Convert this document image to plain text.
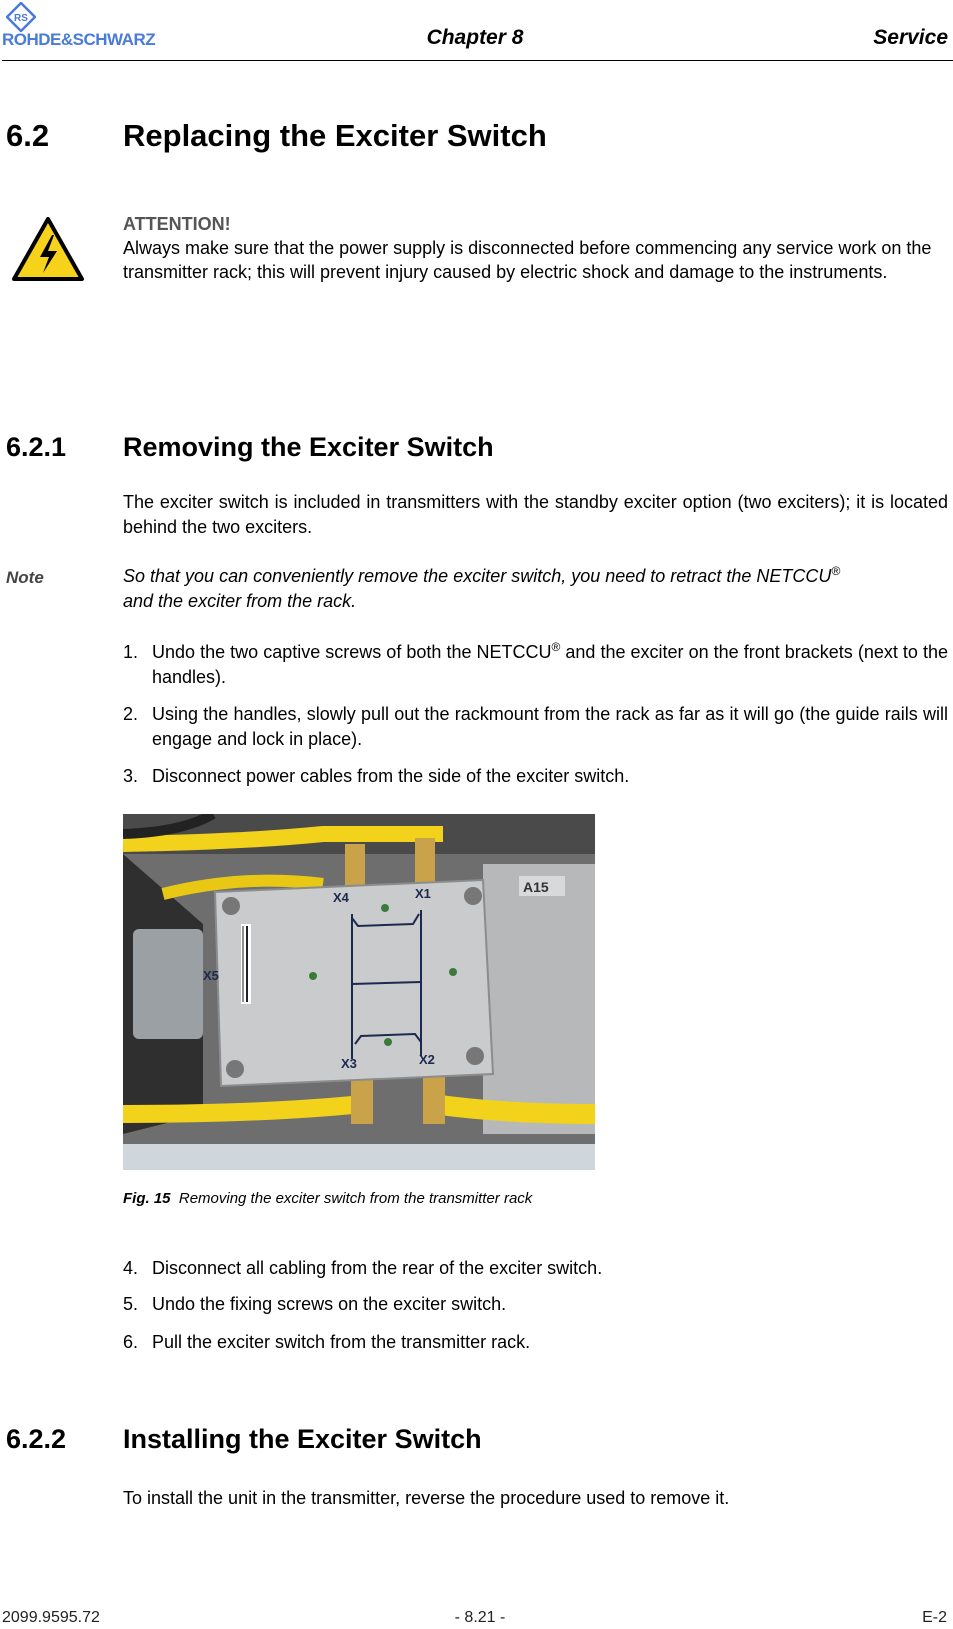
RS
ROHDE&SCHWARZ	Chapter 8	Service
6.2 Replacing the Exciter Switch
ATTENTION!
Always make sure that the power supply is disconnected before commencing any service work on the transmitter rack; this will prevent injury caused by electric shock and damage to the instruments.
6.2.1 Removing the Exciter Switch
The exciter switch is included in transmitters with the standby exciter option (two exciters); it is located behind the two exciters.
Note	So that you can conveniently remove the exciter switch, you need to retract the NETCCU®
and the exciter from the rack.
1. Undo the two captive screws of both the NETCCU® and the exciter on the front brackets (next to the handles).
2. Using the handles, slowly pull out the rackmount from the rack as far as it will go (the guide rails will engage and lock in place).
3. Disconnect power cables from the side of the exciter switch.
X4	X1
X5
X3	X2
A15
Fig. 15 Removing the exciter switch from the transmitter rack
4. Disconnect all cabling from the rear of the exciter switch.
5. Undo the fixing screws on the exciter switch.
6. Pull the exciter switch from the transmitter rack.
6.2.2 Installing the Exciter Switch
To install the unit in the transmitter, reverse the procedure used to remove it.
2099.9595.72	- 8.21 -	E-2
